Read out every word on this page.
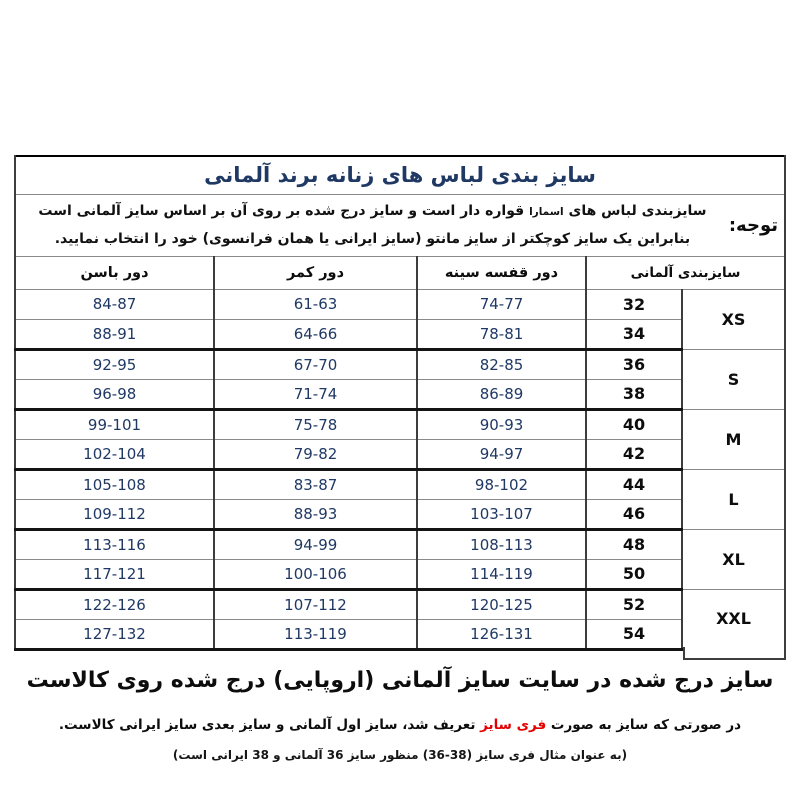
سایز بندی لباس های زنانه برند آلمانی				

توجه:
سایزبندی لباس های اسمارا قواره دار است و سایز درج شده بر روی آن بر اساس سایز آلمانی است
بنابراین یک سایز کوچکتر از سایز مانتو (سایز ایرانی یا همان فرانسوی) خود را انتخاب نمایید.				

سایزبندی آلمانی		دور قفسه سینه	دور کمر	دور باسن
XS	32	74-77	61-63	84-87
	34	78-81	64-66	88-91
S	36	82-85	67-70	92-95
	38	86-89	71-74	96-98
M	40	90-93	75-78	99-101
	42	94-97	79-82	102-104
L	44	98-102	83-87	105-108
	46	103-107	88-93	109-112
XL	48	108-113	94-99	113-116
	50	114-119	100-106	117-121
XXL	52	120-125	107-112	122-126
	54	126-131	113-119	127-132
سایز درج شده در سایت سایز آلمانی (اروپایی) درج شده روی کالاست
در صورتی که سایز به صورت فری سایز تعریف شد، سایز اول آلمانی و سایز بعدی سایز ایرانی کالاست.
(به عنوان مثال فری سایز (38-36) منظور سایز 36 آلمانی و 38 ایرانی است)
